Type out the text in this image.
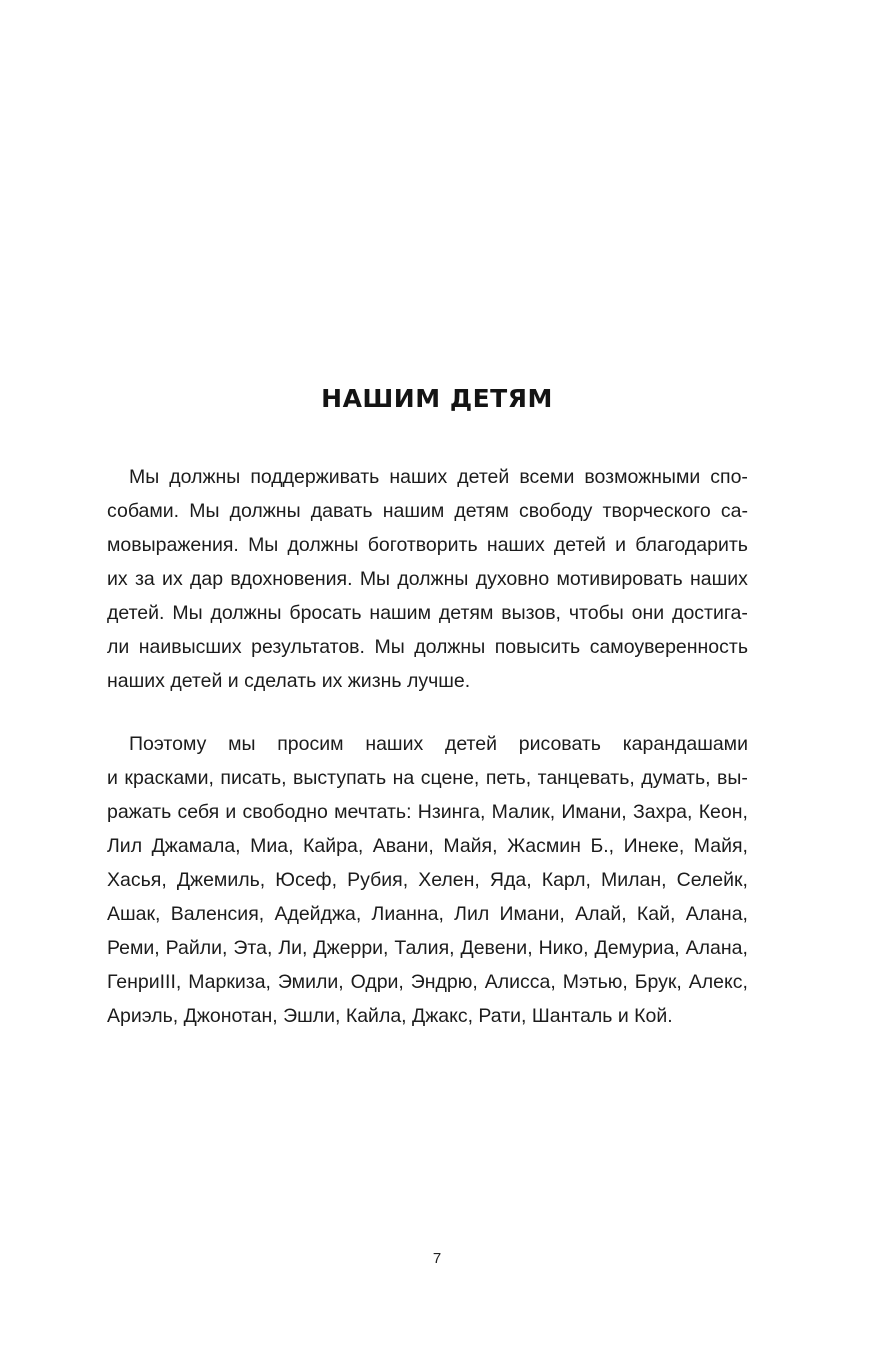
НАШИМ ДЕТЯМ
Мы должны поддерживать наших детей всеми возможными спо-
собами. Мы должны давать нашим детям свободу творческого са-
мовыражения. Мы должны боготворить наших детей и благодарить
их за их дар вдохновения. Мы должны духовно мотивировать наших
детей. Мы должны бросать нашим детям вызов, чтобы они достига-
ли наивысших результатов. Мы должны повысить самоуверенность
наших детей и сделать их жизнь лучше.
Поэтому мы просим наших детей рисовать карандашами
и красками, писать, выступать на сцене, петь, танцевать, думать, вы-
ражать себя и свободно мечтать: Нзинга, Малик, Имани, Захра, Кеон,
Лил Джамала, Миа, Кайра, Авани, Майя, Жасмин Б., Инеке, Майя,
Хасья, Джемиль, Юсеф, Рубия, Хелен, Яда, Карл, Милан, Селейк,
Ашак, Валенсия, Адейджа, Лианна, Лил Имани, Алай, Кай, Алана,
Реми, Райли, Эта, Ли, Джерри, Талия, Девени, Нико, Демуриа, Алана,
ГенриIII, Маркиза, Эмили, Одри, Эндрю, Алисса, Мэтью, Брук, Алекс,
Ариэль, Джонотан, Эшли, Кайла, Джакс, Рати, Шанталь и Кой.
7
